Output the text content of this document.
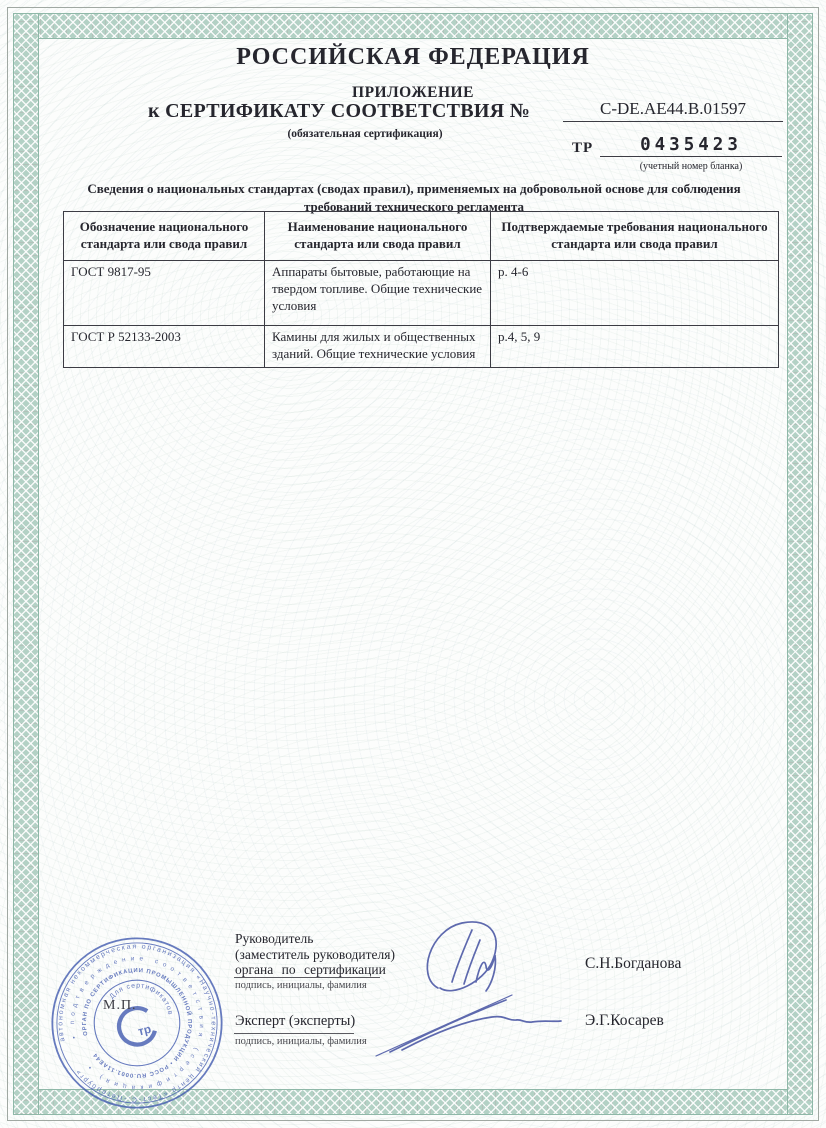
РОССИЙСКАЯ ФЕДЕРАЦИЯ
ПРИЛОЖЕНИЕ
к СЕРТИФИКАТУ СООТВЕТСТВИЯ №	C-DE.AE44.B.01597
(обязательная сертификация)
ТР	0435423
(учетный номер бланка)
Сведения о национальных стандартах (сводах правил), применяемых на добровольной основе для соблюдения требований технического регламента
Обозначение национального стандарта или свода правил	Наименование национального стандарта или свода правил	Подтверждаемые требования национального стандарта или свода правил
ГОСТ 9817-95	Аппараты бытовые, работающие на твердом топливе. Общие технические условия	р. 4-6
ГОСТ Р 52133-2003	Камины для жилых и общественных зданий. Общие технические условия	р.4, 5, 9
автономная некоммерческая организация «Научно-технический центр «Тест-С.-Петербург»
• подтверждение соответствия (сертификация) •
ОРГАН ПО СЕРТИФИКАЦИИ ПРОМЫШЛЕННОЙ ПРОДУКЦИИ • РОСС RU.0001.11АЕ44
Для сертификатов
тр
М.П.
Руководитель
(заместитель руководителя)
органа по сертификации
подпись, инициалы, фамилия
С.Н.Богданова
Эксперт (эксперты)
подпись, инициалы, фамилия
Э.Г.Косарев
